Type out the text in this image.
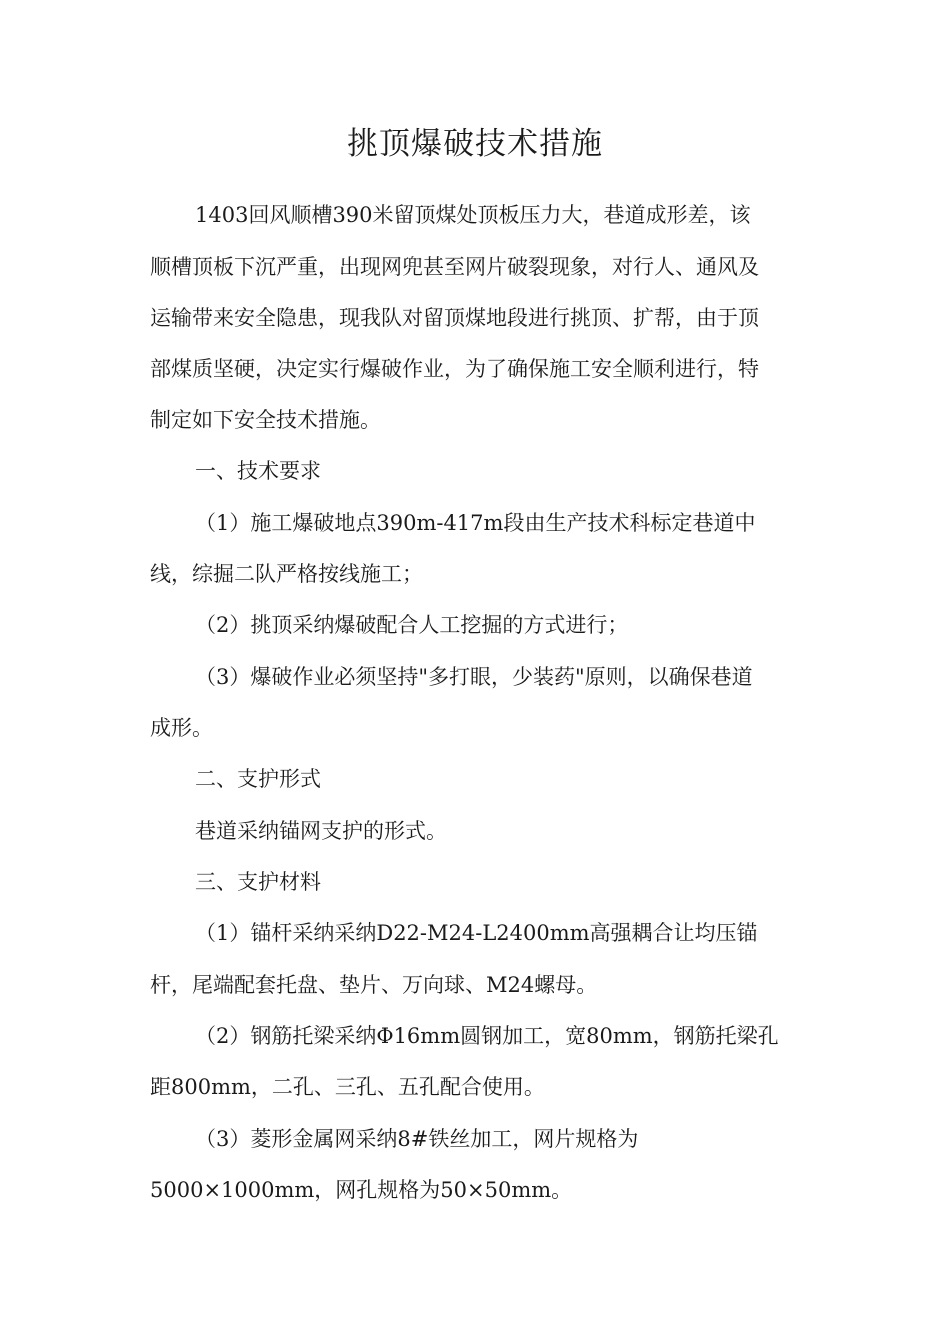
挑顶爆破技术措施

1403回风顺槽390米留顶煤处顶板压力大，巷道成形差，该

顺槽顶板下沉严重，出现网兜甚至网片破裂现象，对行人、通风及

运输带来安全隐患，现我队对留顶煤地段进行挑顶、扩帮，由于顶

部煤质坚硬，决定实行爆破作业，为了确保施工安全顺利进行，特

制定如下安全技术措施。

一、技术要求

（1）施工爆破地点390m-417m段由生产技术科标定巷道中

线，综掘二队严格按线施工；

（2）挑顶采纳爆破配合人工挖掘的方式进行；

（3）爆破作业必须坚持"多打眼，少装药"原则，以确保巷道

成形。

二、支护形式

巷道采纳锚网支护的形式。

三、支护材料

（1）锚杆采纳采纳D22-M24-L2400mm高强耦合让均压锚

杆，尾端配套托盘、垫片、万向球、M24螺母。

（2）钢筋托梁采纳Φ16mm圆钢加工，宽80mm，钢筋托梁孔

距800mm，二孔、三孔、五孔配合使用。

（3）菱形金属网采纳8#铁丝加工，网片规格为

5000×1000mm，网孔规格为50×50mm。
